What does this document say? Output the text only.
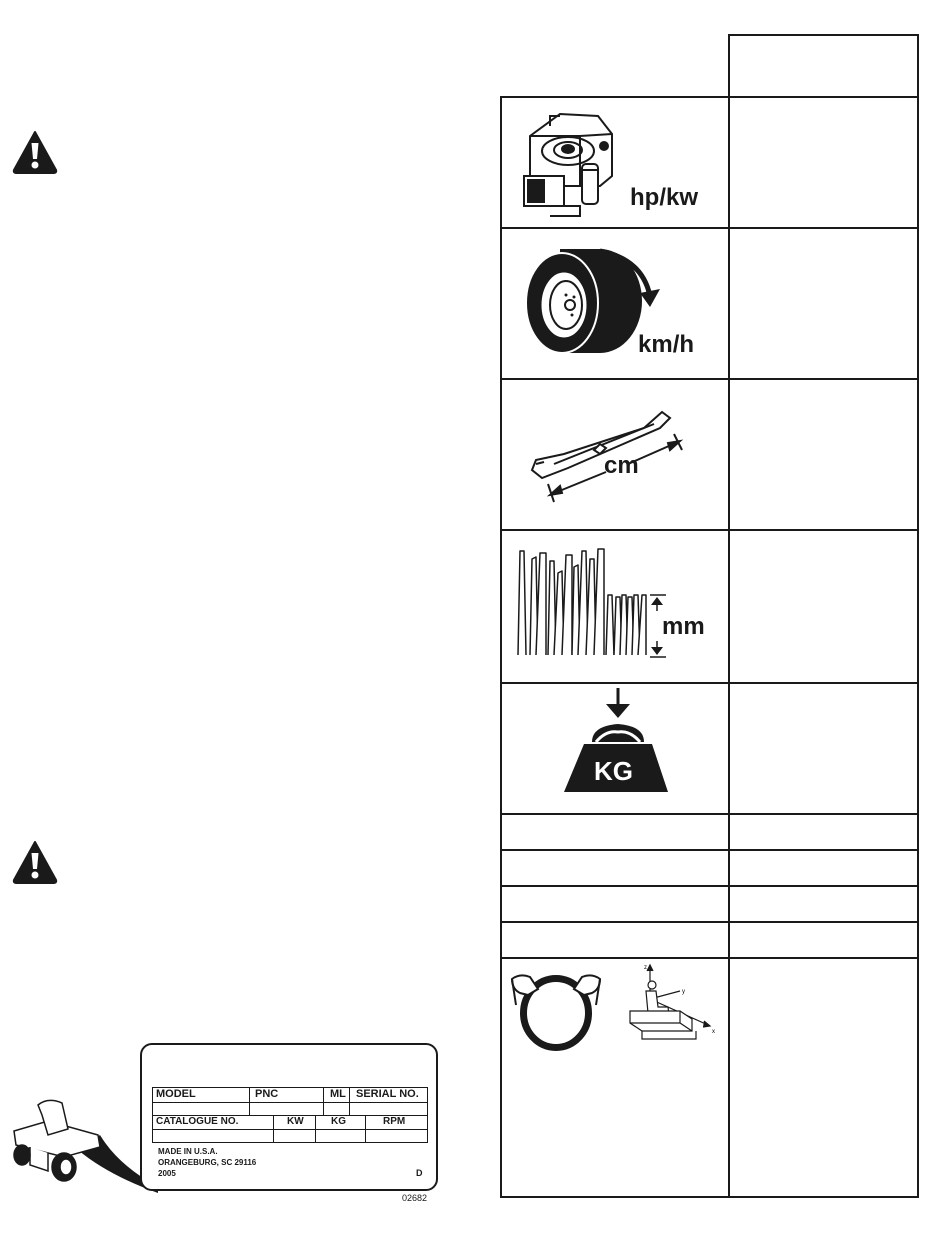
hp/kw
km/h
cm
mm
KG
z
y
x
MODEL	PNC	ML SERIAL NO.
CATALOGUE NO.	KW	KG	RPM
MADE IN U.S.A.
ORANGEBURG, SC 29116
2005	D
02682
